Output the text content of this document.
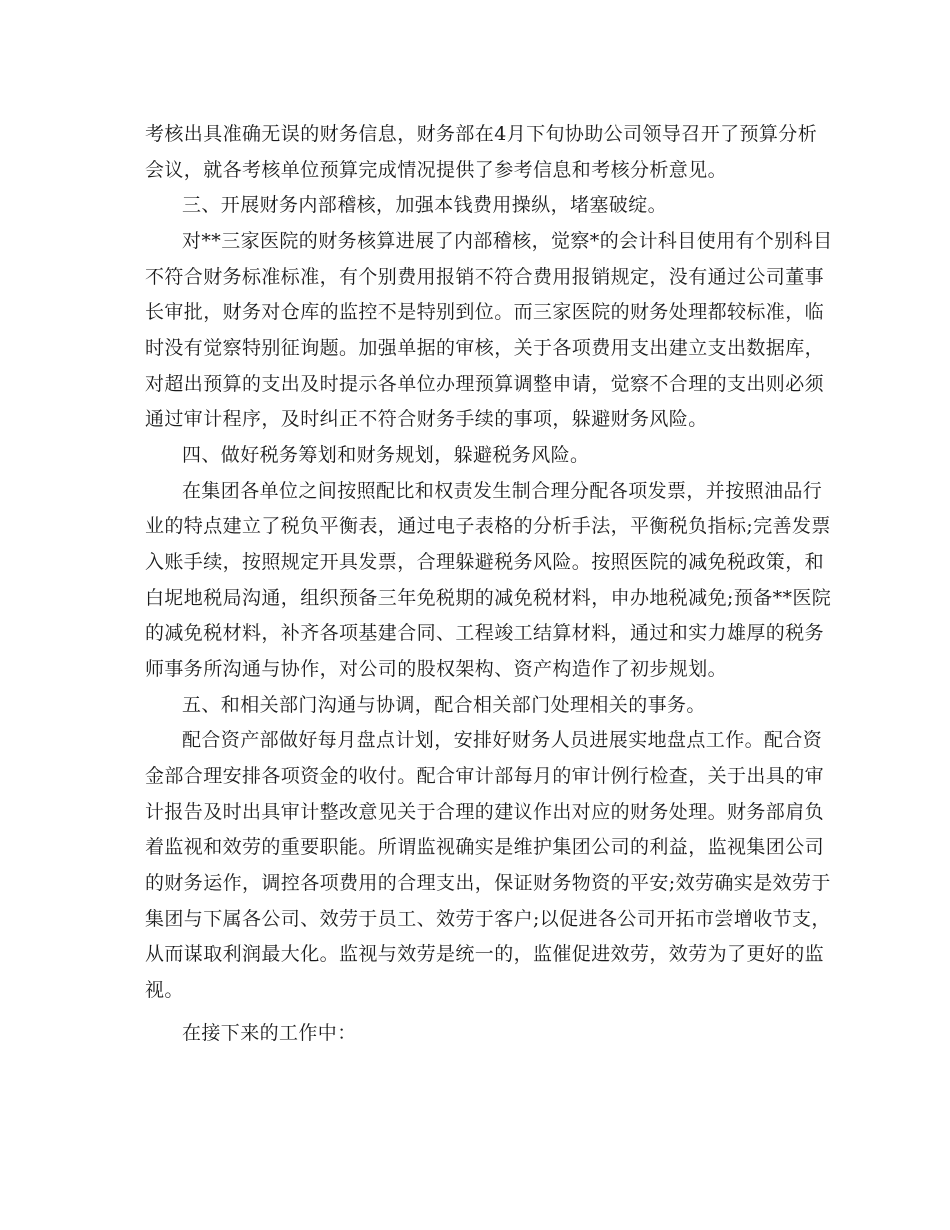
考核出具准确无误的财务信息，财务部在4月下旬协助公司领导召开了预算分析

会议，就各考核单位预算完成情况提供了参考信息和考核分析意见。

三、开展财务内部稽核，加强本钱费用操纵，堵塞破绽。

对**三家医院的财务核算进展了内部稽核，觉察*的会计科目使用有个别科目

不符合财务标准标准，有个别费用报销不符合费用报销规定，没有通过公司董事

长审批，财务对仓库的监控不是特别到位。而三家医院的财务处理都较标准，临

时没有觉察特别征询题。加强单据的审核，关于各项费用支出建立支出数据库，

对超出预算的支出及时提示各单位办理预算调整申请，觉察不合理的支出则必须

通过审计程序，及时纠正不符合财务手续的事项，躲避财务风险。

四、做好税务筹划和财务规划，躲避税务风险。

在集团各单位之间按照配比和权责发生制合理分配各项发票，并按照油品行

业的特点建立了税负平衡表，通过电子表格的分析手法，平衡税负指标;完善发票

入账手续，按照规定开具发票，合理躲避税务风险。按照医院的减免税政策，和

白坭地税局沟通，组织预备三年免税期的减免税材料，申办地税减免;预备**医院

的减免税材料，补齐各项基建合同、工程竣工结算材料，通过和实力雄厚的税务

师事务所沟通与协作，对公司的股权架构、资产构造作了初步规划。

五、和相关部门沟通与协调，配合相关部门处理相关的事务。

配合资产部做好每月盘点计划，安排好财务人员进展实地盘点工作。配合资

金部合理安排各项资金的收付。配合审计部每月的审计例行检查，关于出具的审

计报告及时出具审计整改意见关于合理的建议作出对应的财务处理。财务部肩负

着监视和效劳的重要职能。所谓监视确实是维护集团公司的利益，监视集团公司

的财务运作，调控各项费用的合理支出，保证财务物资的平安;效劳确实是效劳于

集团与下属各公司、效劳于员工、效劳于客户;以促进各公司开拓市尝增收节支，

从而谋取利润最大化。监视与效劳是统一的，监催促进效劳，效劳为了更好的监

视。

在接下来的工作中：
